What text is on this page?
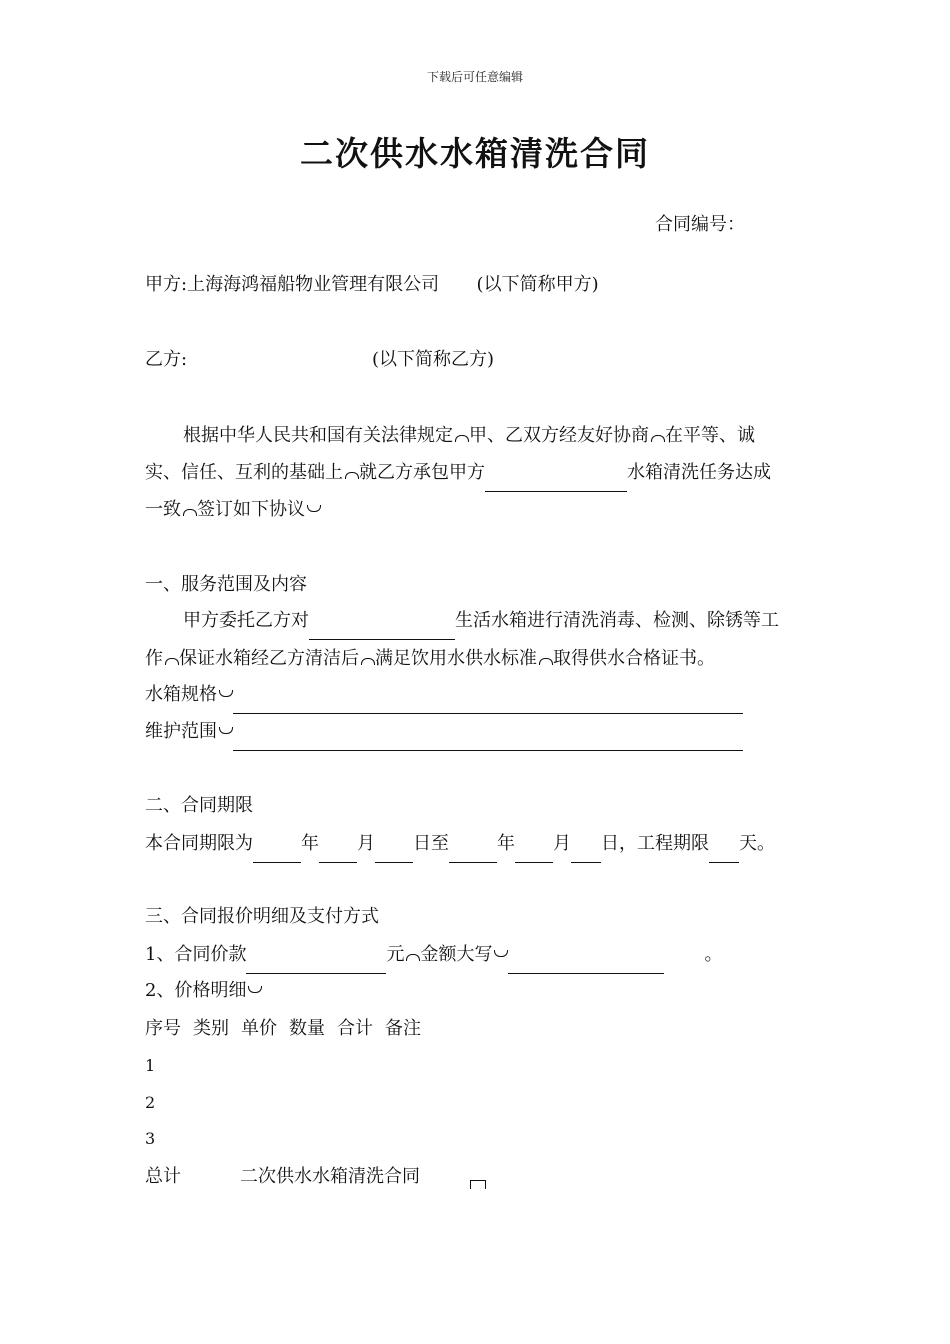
下载后可任意编辑
二次供水水箱清洗合同
合同编号：
甲方:上海海鸿福船物业管理有限公司 (以下简称甲方)
乙方:	(以下简称乙方)
根据中华人民共和国有关法律规定 甲、乙双方经友好协商 在平等、诚
实、信任、互利的基础上 就乙方承包甲方	水箱清洗任务达成
一致 签订如下协议
一、服务范围及内容
甲方委托乙方对	生活水箱进行清洗消毒、检测、除锈等工
作 保证水箱经乙方清洁后 满足饮用水供水标准 取得供水合格证书。
水箱规格
维护范围
二、合同期限
本合同期限为	年 月 日至	年 月 日，工程期限 天。
三、合同报价明细及支付方式
1、合同价款	元 金额大写	。
2、价格明细
序号 类别 单价 数量 合计 备注
1
2
3
总计	二次供水水箱清洗合同
